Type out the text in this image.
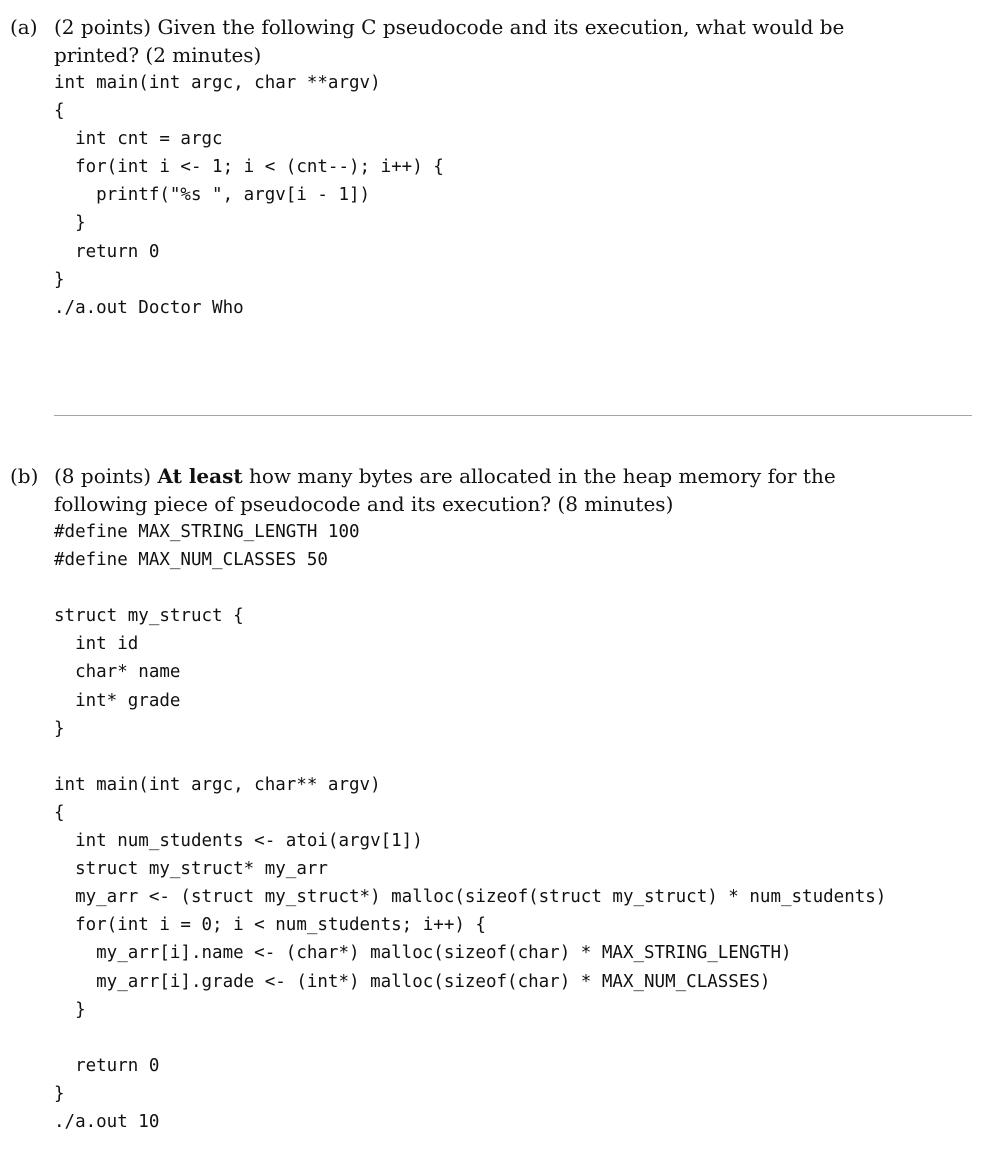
(a) (2 points) Given the following C pseudocode and its execution, what would be printed? (2 minutes)
int main(int argc, char **argv)
{
int cnt = argc
for(int i <- 1; i < (cnt--); i++) {
printf("%s ", argv[i - 1])
}
return 0
}
./a.out Doctor Who
(b) (8 points) At least how many bytes are allocated in the heap memory for the following piece of pseudocode and its execution? (8 minutes)
#define MAX_STRING_LENGTH 100
#define MAX_NUM_CLASSES 50
struct my_struct {
int id
char* name
int* grade
}
int main(int argc, char** argv)
{
int num_students <- atoi(argv[1])
struct my_struct* my_arr
my_arr <- (struct my_struct*) malloc(sizeof(struct my_struct) * num_students)
for(int i = 0; i < num_students; i++) {
my_arr[i].name <- (char*) malloc(sizeof(char) * MAX_STRING_LENGTH)
my_arr[i].grade <- (int*) malloc(sizeof(char) * MAX_NUM_CLASSES)
}
return 0
}
./a.out 10
